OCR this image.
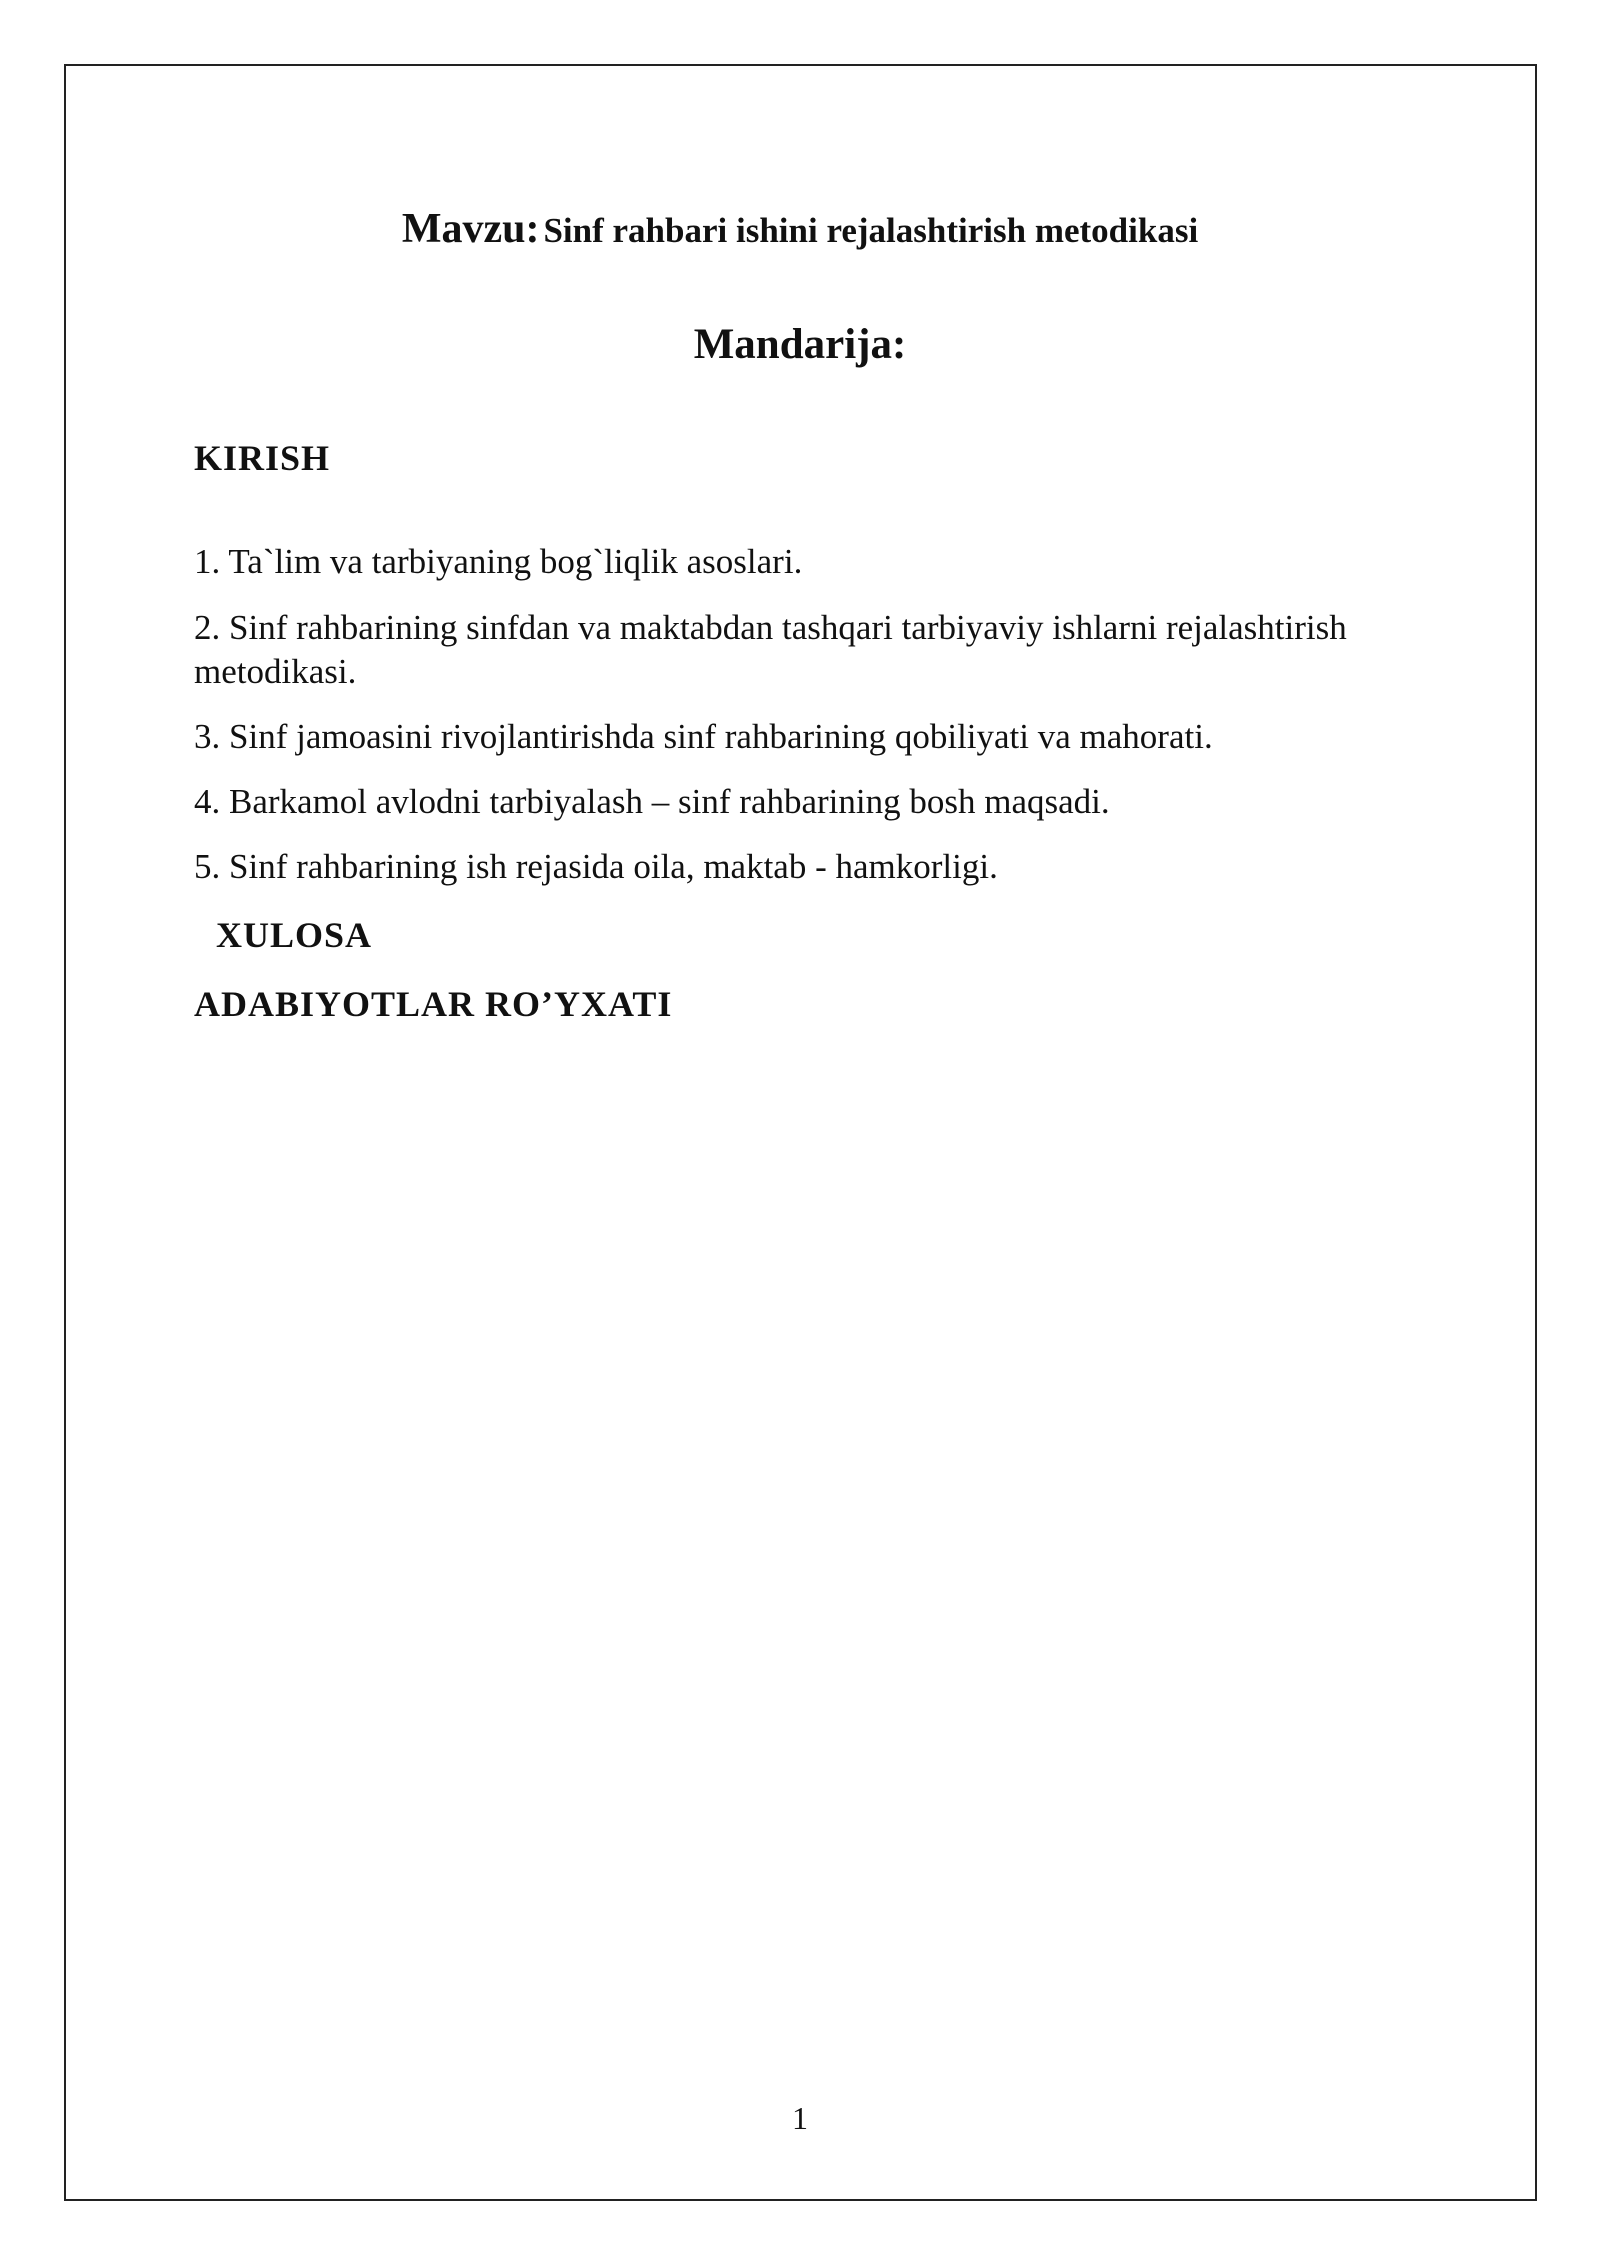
Mavzu: Sinf rahbari ishini rejalashtirish metodikasi
Mandarija:
KIRISH
1. Ta`lim va tarbiyaning bog`liqlik asoslari.
2. Sinf rahbarining sinfdan va maktabdan tashqari tarbiyaviy ishlarni rejalashtirish metodikasi.
3. Sinf jamoasini rivojlantirishda sinf rahbarining qobiliyati va mahorati.
4. Barkamol avlodni tarbiyalash – sinf rahbarining bosh maqsadi.
5. Sinf rahbarining ish rejasida oila, maktab - hamkorligi.
XULOSA
ADABIYOTLAR RO’YXATI
1
